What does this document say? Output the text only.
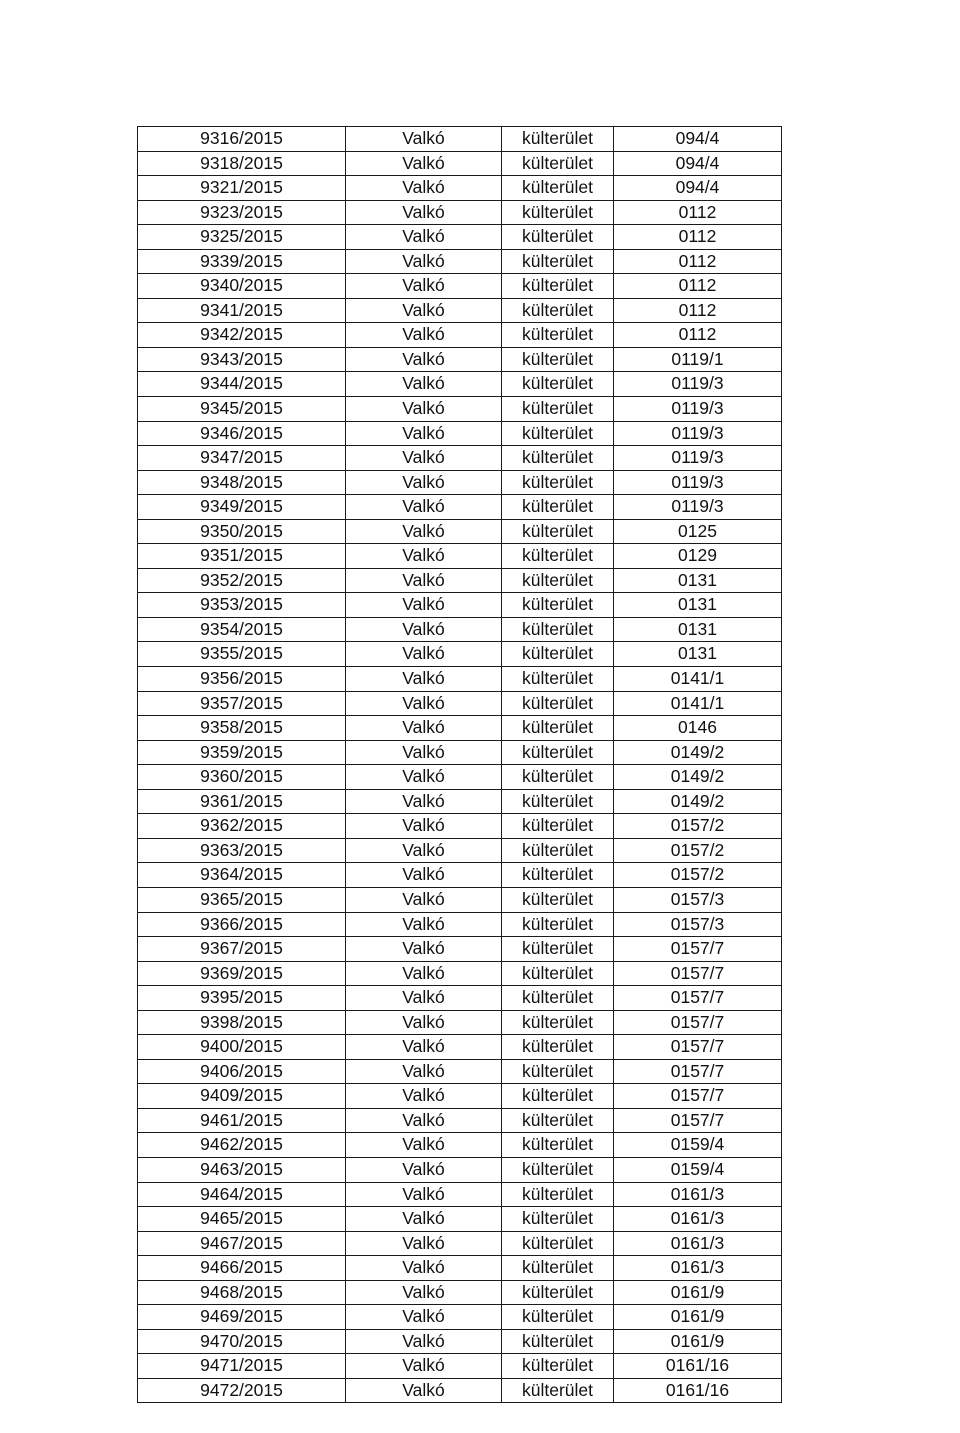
9316/2015	Valkó	külterület	094/4
9318/2015	Valkó	külterület	094/4
9321/2015	Valkó	külterület	094/4
9323/2015	Valkó	külterület	0112
9325/2015	Valkó	külterület	0112
9339/2015	Valkó	külterület	0112
9340/2015	Valkó	külterület	0112
9341/2015	Valkó	külterület	0112
9342/2015	Valkó	külterület	0112
9343/2015	Valkó	külterület	0119/1
9344/2015	Valkó	külterület	0119/3
9345/2015	Valkó	külterület	0119/3
9346/2015	Valkó	külterület	0119/3
9347/2015	Valkó	külterület	0119/3
9348/2015	Valkó	külterület	0119/3
9349/2015	Valkó	külterület	0119/3
9350/2015	Valkó	külterület	0125
9351/2015	Valkó	külterület	0129
9352/2015	Valkó	külterület	0131
9353/2015	Valkó	külterület	0131
9354/2015	Valkó	külterület	0131
9355/2015	Valkó	külterület	0131
9356/2015	Valkó	külterület	0141/1
9357/2015	Valkó	külterület	0141/1
9358/2015	Valkó	külterület	0146
9359/2015	Valkó	külterület	0149/2
9360/2015	Valkó	külterület	0149/2
9361/2015	Valkó	külterület	0149/2
9362/2015	Valkó	külterület	0157/2
9363/2015	Valkó	külterület	0157/2
9364/2015	Valkó	külterület	0157/2
9365/2015	Valkó	külterület	0157/3
9366/2015	Valkó	külterület	0157/3
9367/2015	Valkó	külterület	0157/7
9369/2015	Valkó	külterület	0157/7
9395/2015	Valkó	külterület	0157/7
9398/2015	Valkó	külterület	0157/7
9400/2015	Valkó	külterület	0157/7
9406/2015	Valkó	külterület	0157/7
9409/2015	Valkó	külterület	0157/7
9461/2015	Valkó	külterület	0157/7
9462/2015	Valkó	külterület	0159/4
9463/2015	Valkó	külterület	0159/4
9464/2015	Valkó	külterület	0161/3
9465/2015	Valkó	külterület	0161/3
9467/2015	Valkó	külterület	0161/3
9466/2015	Valkó	külterület	0161/3
9468/2015	Valkó	külterület	0161/9
9469/2015	Valkó	külterület	0161/9
9470/2015	Valkó	külterület	0161/9
9471/2015	Valkó	külterület	0161/16
9472/2015	Valkó	külterület	0161/16
